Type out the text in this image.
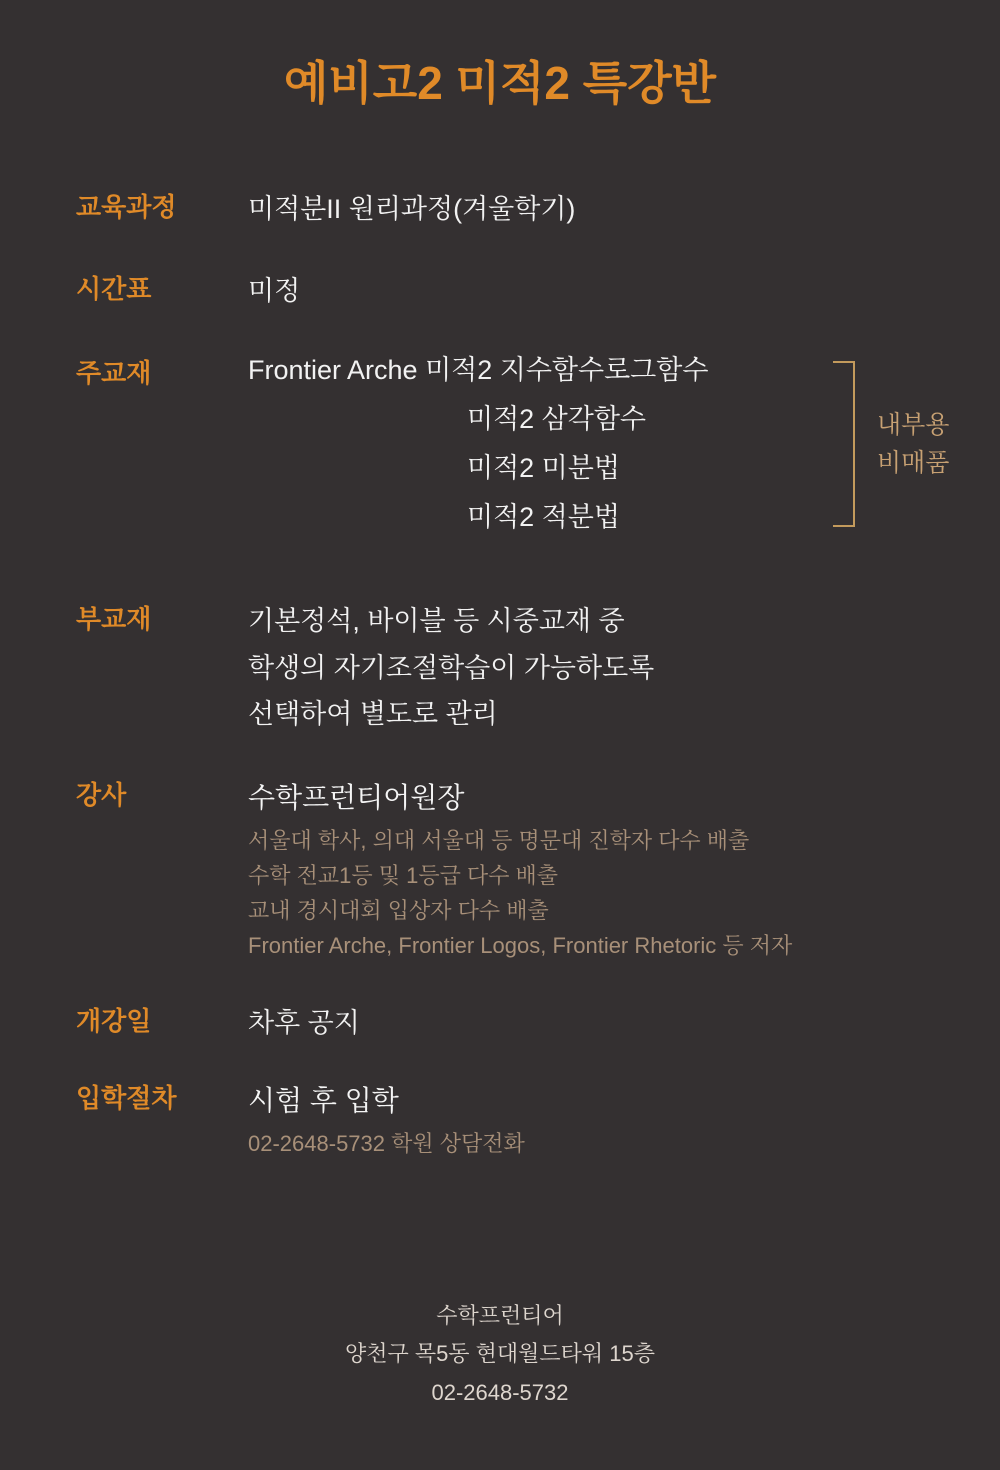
예비고2 미적2 특강반
교육과정	미적분II 원리과정(겨울학기)
시간표	미정
주교재	Frontier Arche 미적2 지수함수로그함수
미적2 삼각함수
미적2 미분법
미적2 적분법
내부용
비매품
부교재	기본정석, 바이블 등 시중교재 중
학생의 자기조절학습이 가능하도록
선택하여 별도로 관리
강사	수학프런티어원장
서울대 학사, 의대 서울대 등 명문대 진학자 다수 배출
수학 전교1등 및 1등급 다수 배출
교내 경시대회 입상자 다수 배출
Frontier Arche, Frontier Logos, Frontier Rhetoric 등 저자
개강일	차후 공지
입학절차	시험 후 입학
02-2648-5732 학원 상담전화
수학프런티어
양천구 목5동 현대월드타워 15층
02-2648-5732
